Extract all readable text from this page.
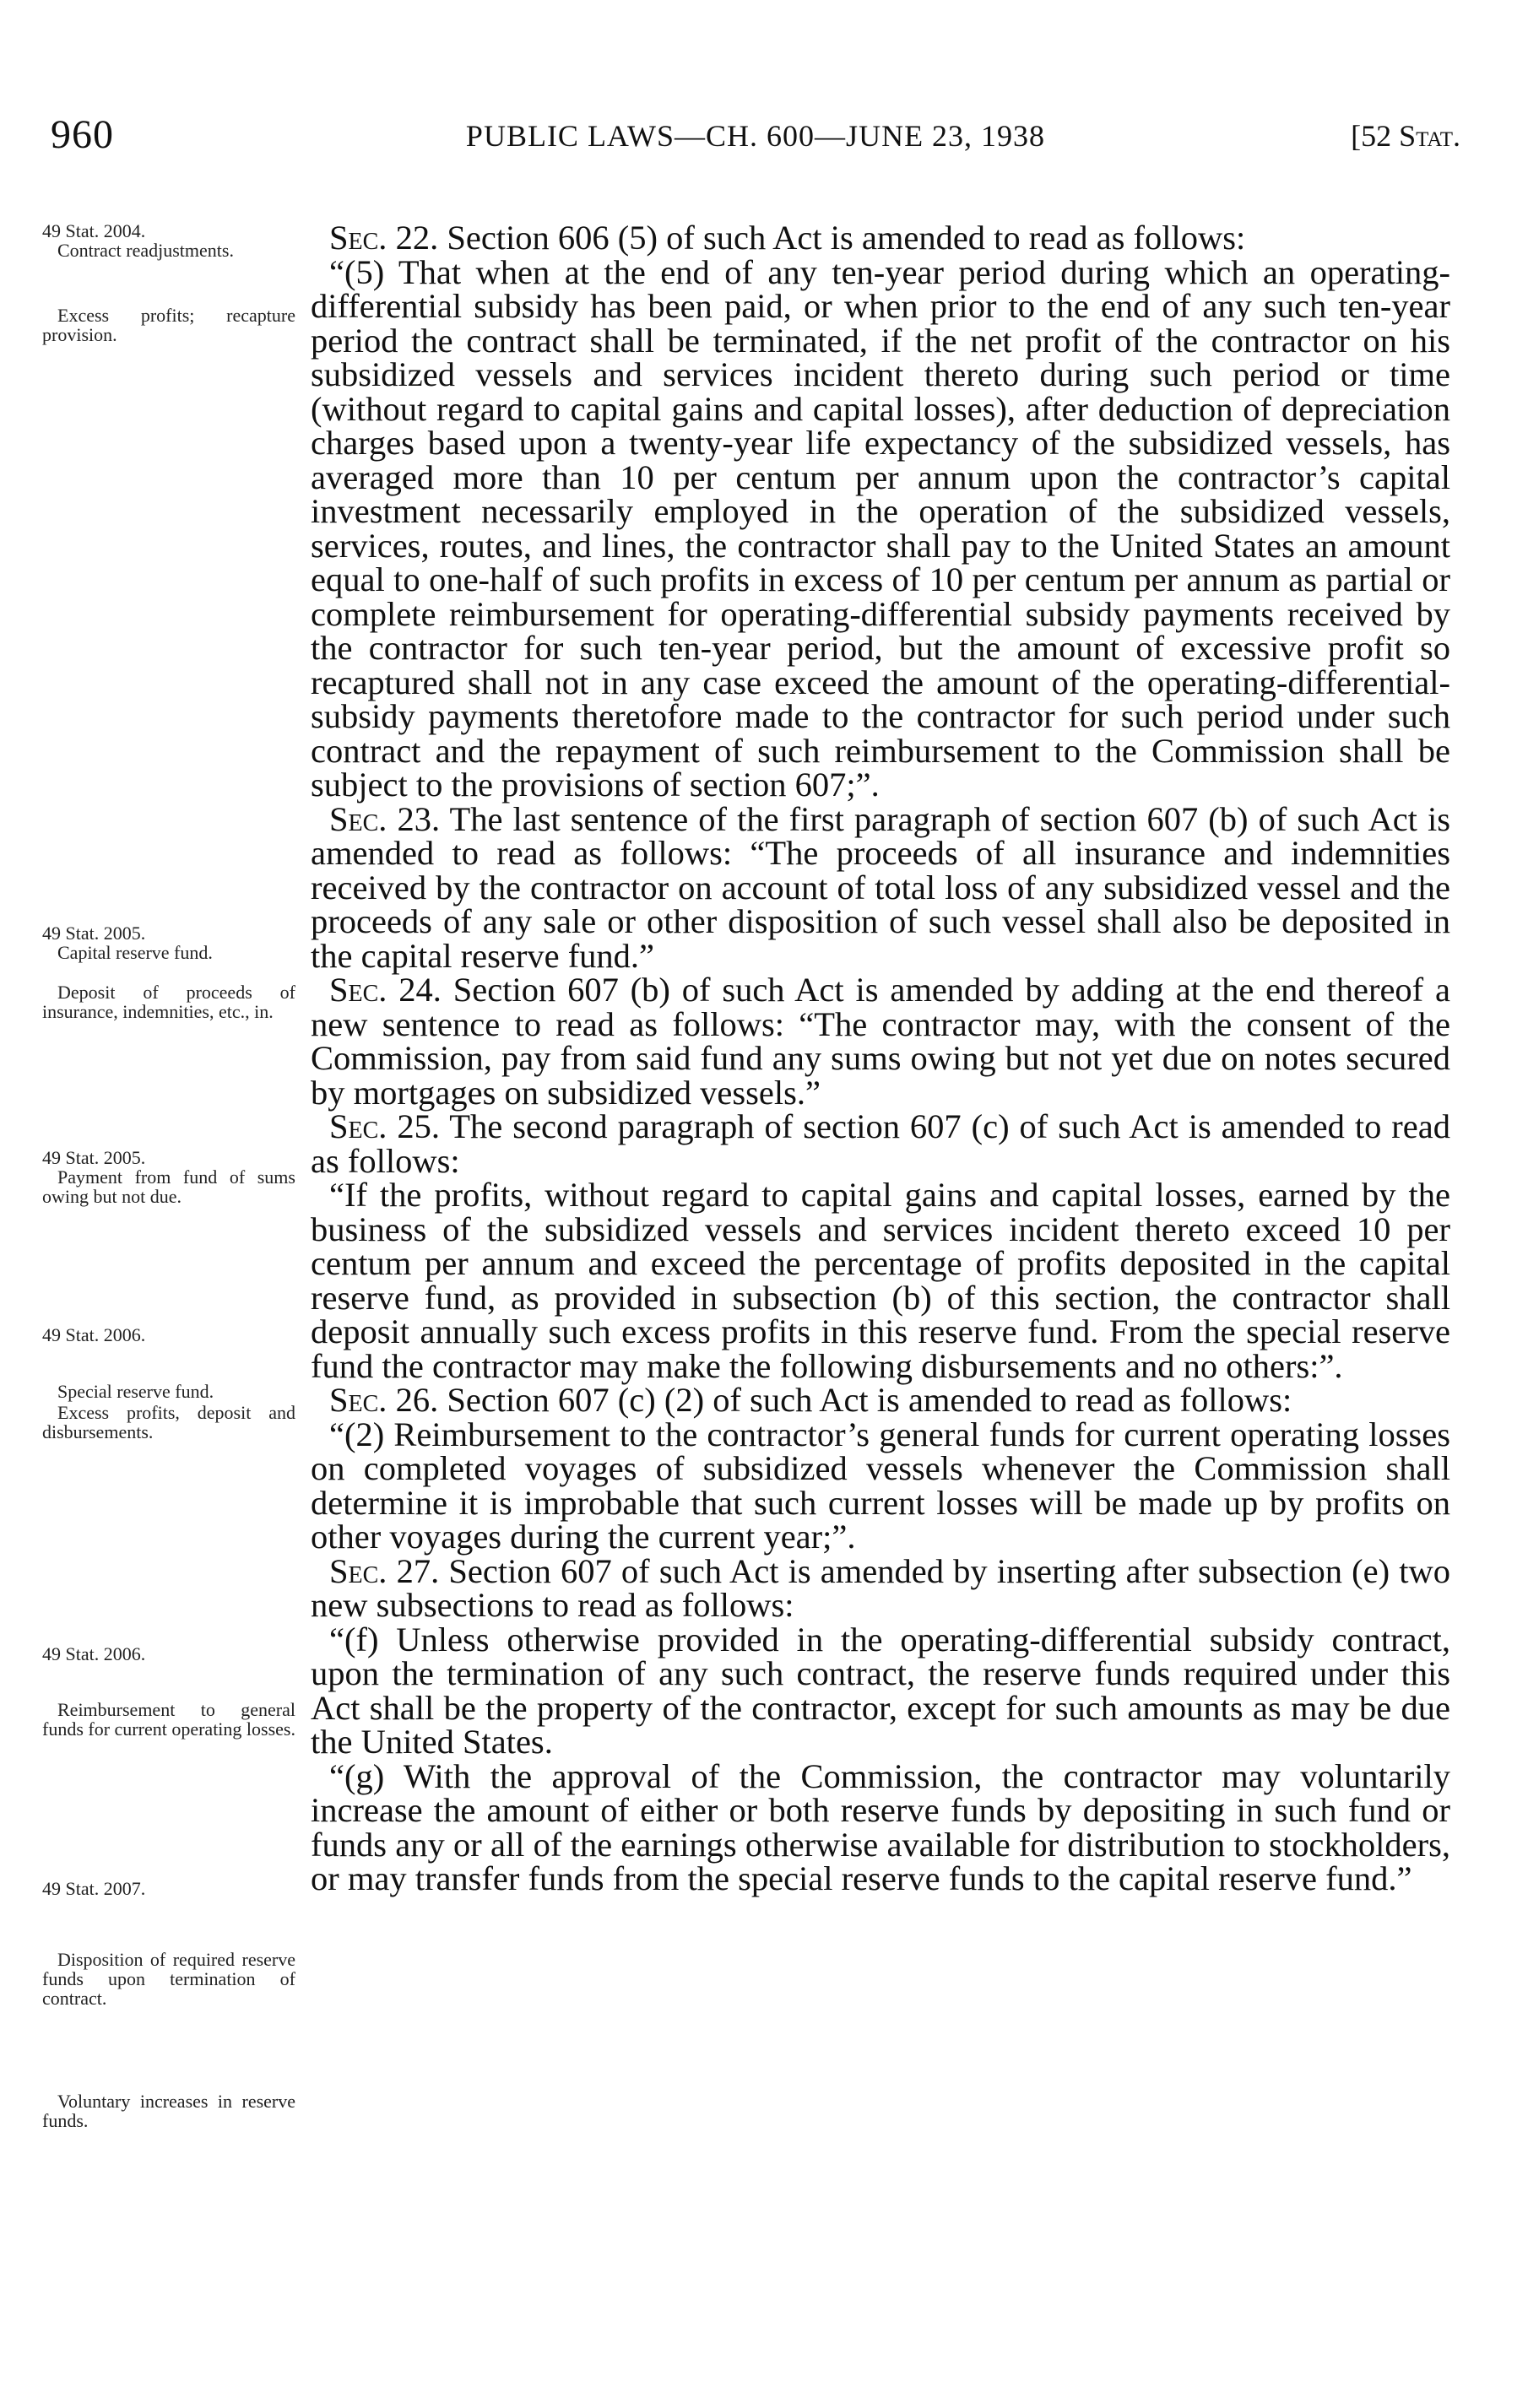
960	PUBLIC LAWS—CH. 600—JUNE 23, 1938	[52 Stat.
49 Stat. 2004.
Contract readjustments.
Excess profits; recapture provision.
49 Stat. 2005.
Capital reserve fund.
Deposit of proceeds of insurance, indemnities, etc., in.
49 Stat. 2005.
Payment from fund of sums owing but not due.
49 Stat. 2006.
Special reserve fund.
Excess profits, deposit and disbursements.
49 Stat. 2006.
Reimbursement to general funds for current operating losses.
49 Stat. 2007.
Disposition of required reserve funds upon termination of contract.
Voluntary increases in reserve funds.

Sec. 22. Section 606 (5) of such Act is amended to read as follows:

“(5) That when at the end of any ten-year period during which an operating-differential subsidy has been paid, or when prior to the end of any such ten-year period the contract shall be terminated, if the net profit of the contractor on his subsidized vessels and services incident thereto during such period or time (without regard to capital gains and capital losses), after deduction of depreciation charges based upon a twenty-year life expectancy of the subsidized vessels, has averaged more than 10 per centum per annum upon the contractor’s capital investment necessarily employed in the operation of the subsidized vessels, services, routes, and lines, the contractor shall pay to the United States an amount equal to one-half of such profits in excess of 10 per centum per annum as partial or complete reimbursement for operating-differential subsidy payments received by the contractor for such ten-year period, but the amount of excessive profit so recaptured shall not in any case exceed the amount of the operating-differential-subsidy payments theretofore made to the contractor for such period under such contract and the repayment of such reimbursement to the Commission shall be subject to the provisions of section 607;”.

Sec. 23. The last sentence of the first paragraph of section 607 (b) of such Act is amended to read as follows: “The proceeds of all insurance and indemnities received by the contractor on account of total loss of any subsidized vessel and the proceeds of any sale or other disposition of such vessel shall also be deposited in the capital reserve fund.”

Sec. 24. Section 607 (b) of such Act is amended by adding at the end thereof a new sentence to read as follows: “The contractor may, with the consent of the Commission, pay from said fund any sums owing but not yet due on notes secured by mortgages on subsidized vessels.”

Sec. 25. The second paragraph of section 607 (c) of such Act is amended to read as follows:

“If the profits, without regard to capital gains and capital losses, earned by the business of the subsidized vessels and services incident thereto exceed 10 per centum per annum and exceed the percentage of profits deposited in the capital reserve fund, as provided in subsection (b) of this section, the contractor shall deposit annually such excess profits in this reserve fund. From the special reserve fund the contractor may make the following disbursements and no others:”.

Sec. 26. Section 607 (c) (2) of such Act is amended to read as follows:

“(2) Reimbursement to the contractor’s general funds for current operating losses on completed voyages of subsidized vessels whenever the Commission shall determine it is improbable that such current losses will be made up by profits on other voyages during the current year;”.

Sec. 27. Section 607 of such Act is amended by inserting after subsection (e) two new subsections to read as follows:

“(f) Unless otherwise provided in the operating-differential subsidy contract, upon the termination of any such contract, the reserve funds required under this Act shall be the property of the contractor, except for such amounts as may be due the United States.

“(g) With the approval of the Commission, the contractor may voluntarily increase the amount of either or both reserve funds by depositing in such fund or funds any or all of the earnings otherwise available for distribution to stockholders, or may transfer funds from the special reserve funds to the capital reserve fund.”
